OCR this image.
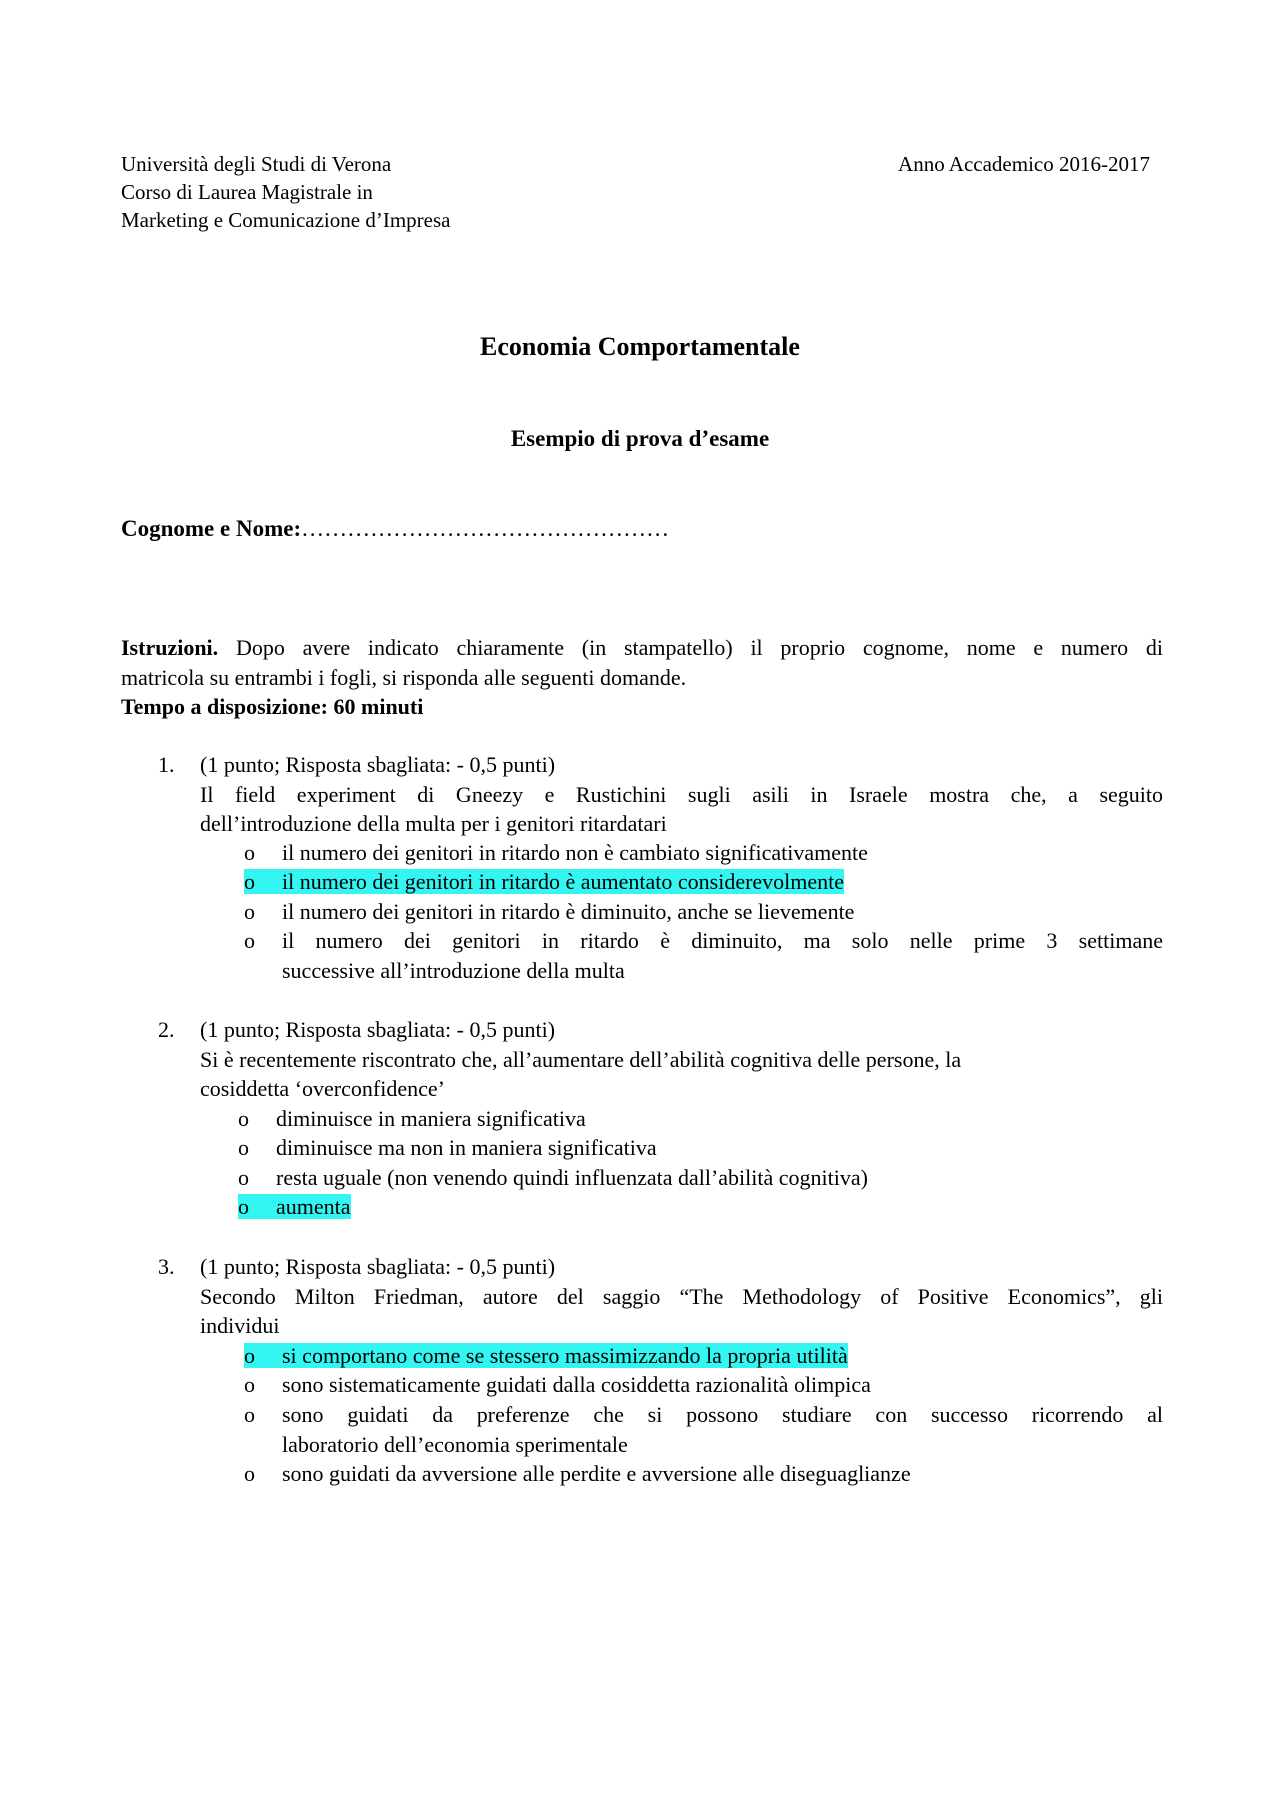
Università degli Studi di Verona
Corso di Laurea Magistrale in
Marketing e Comunicazione d’Impresa
Anno Accademico 2016-2017
Economia Comportamentale
Esempio di prova d’esame
Cognome e Nome:…………………………………………
Istruzioni. Dopo avere indicato chiaramente (in stampatello) il proprio cognome, nome e numero di
matricola su entrambi i fogli, si risponda alle seguenti domande.
Tempo a disposizione: 60 minuti
1. (1 punto; Risposta sbagliata: - 0,5 punti)
Il field experiment di Gneezy e Rustichini sugli asili in Israele mostra che, a seguito
dell’introduzione della multa per i genitori ritardatari
o il numero dei genitori in ritardo non è cambiato significativamente
o il numero dei genitori in ritardo è aumentato considerevolmente
o il numero dei genitori in ritardo è diminuito, anche se lievemente
o	il numero dei genitori in ritardo è diminuito, ma solo nelle prime 3 settimane
successive all’introduzione della multa
2. (1 punto; Risposta sbagliata: - 0,5 punti)
Si è recentemente riscontrato che, all’aumentare dell’abilità cognitiva delle persone, la
cosiddetta ‘overconfidence’
o diminuisce in maniera significativa
o diminuisce ma non in maniera significativa
o resta uguale (non venendo quindi influenzata dall’abilità cognitiva)
o aumenta
3. (1 punto; Risposta sbagliata: - 0,5 punti)
Secondo Milton Friedman, autore del saggio “The Methodology of Positive Economics”, gli
individui
o si comportano come se stessero massimizzando la propria utilità
o sono sistematicamente guidati dalla cosiddetta razionalità olimpica
o	sono guidati da preferenze che si possono studiare con successo ricorrendo al
laboratorio dell’economia sperimentale
o sono guidati da avversione alle perdite e avversione alle diseguaglianze
